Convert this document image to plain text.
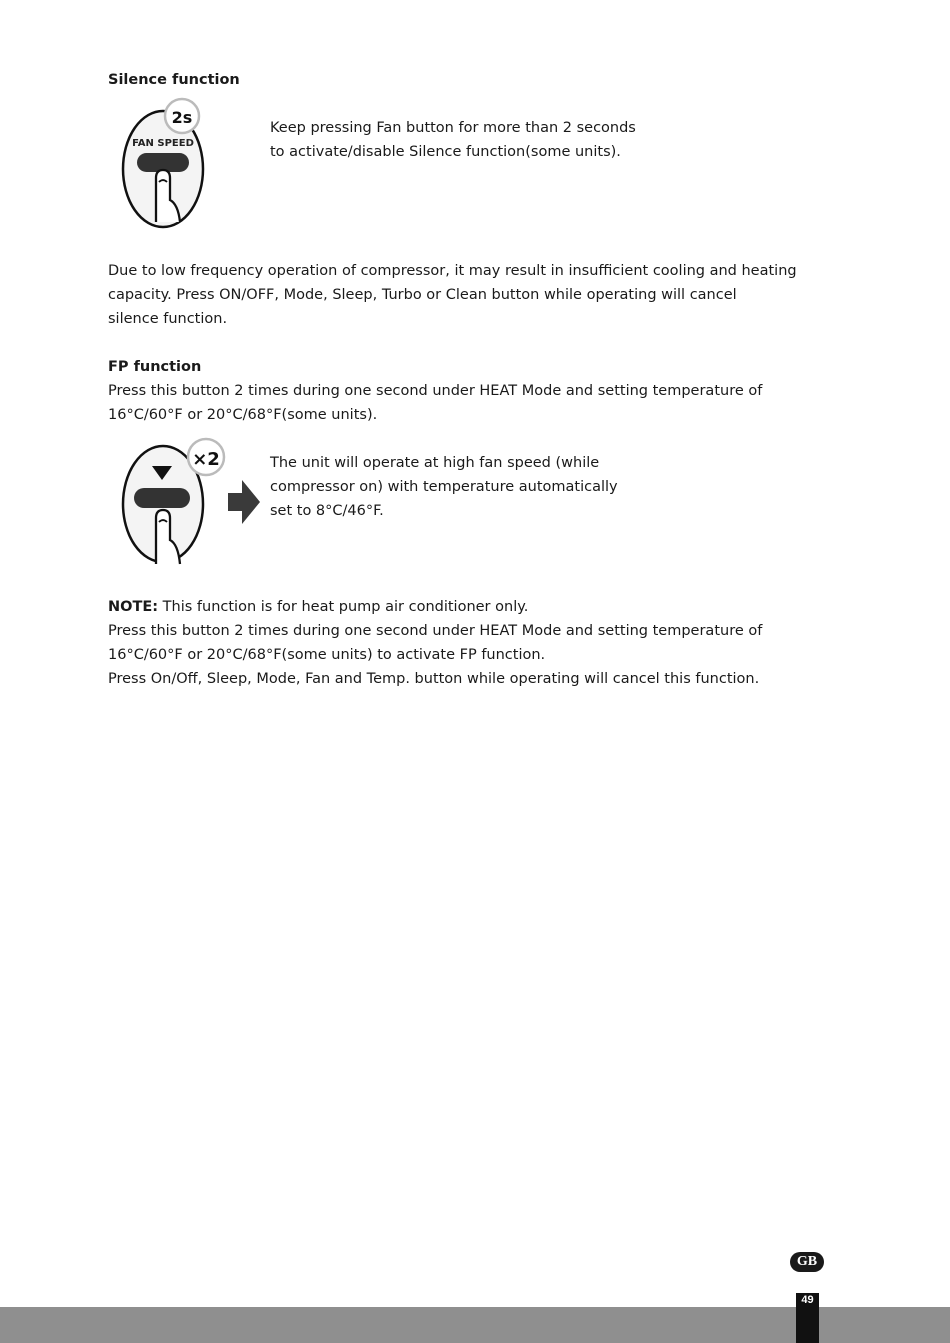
Silence function
FAN SPEED
2s
Keep pressing Fan button for more than 2 seconds
to activate/disable Silence function(some units).
Due to low frequency operation of compressor, it may result in insufficient cooling and heating
capacity. Press ON/OFF, Mode, Sleep, Turbo or Clean button while operating will cancel
silence function.
FP function
Press this button 2 times during one second under HEAT Mode and setting temperature of
16°C/60°F or 20°C/68°F(some units).
×2	The unit will operate at high fan speed (while
compressor on) with temperature automatically
set to 8°C/46°F.
NOTE: This function is for heat pump air conditioner only.
Press this button 2 times during one second under HEAT Mode and setting temperature of
16°C/60°F or 20°C/68°F(some units) to activate FP function.
Press On/Off, Sleep, Mode, Fan and Temp. button while operating will cancel this function.
GB
49
